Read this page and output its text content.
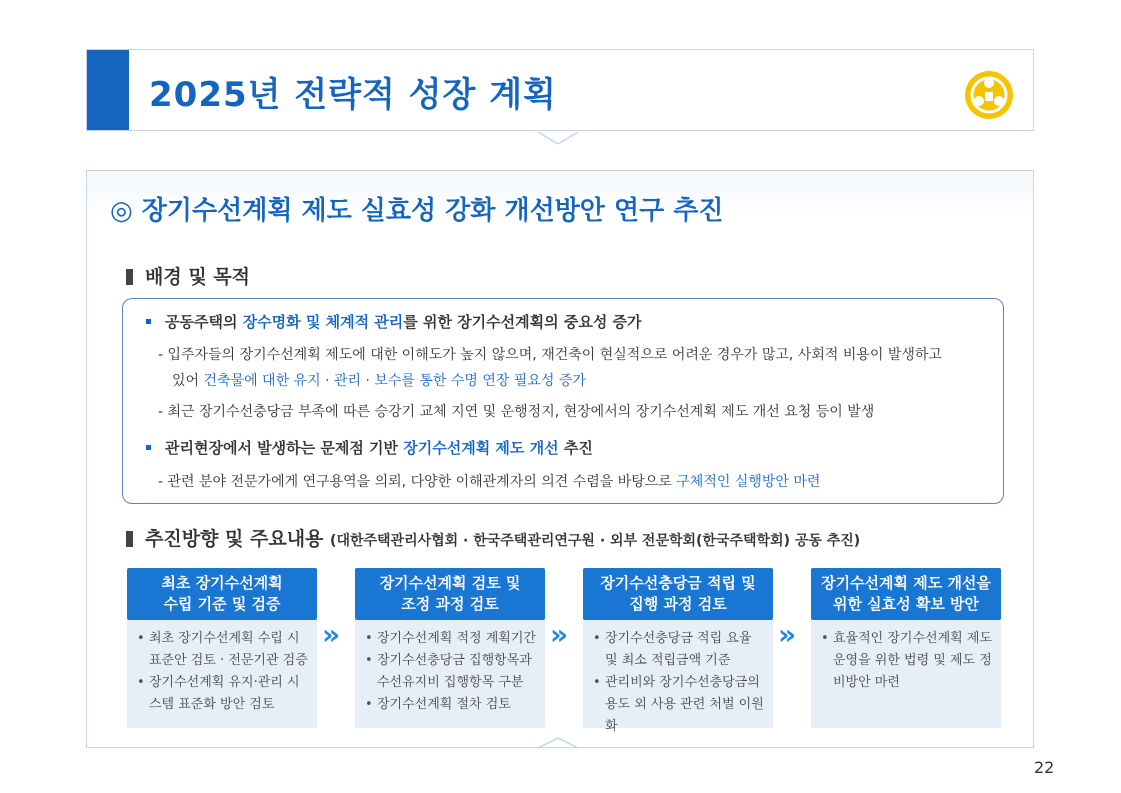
2025년 전략적 성장 계획
◎ 장기수선계획 제도 실효성 강화 개선방안 연구 추진
배경 및 목적
공동주택의 장수명화 및 체계적 관리를 위한 장기수선계획의 중요성 증가
- 입주자들의 장기수선계획 제도에 대한 이해도가 높지 않으며, 재건축이 현실적으로 어려운 경우가 많고, 사회적 비용이 발생하고
있어 건축물에 대한 유지 · 관리 · 보수를 통한 수명 연장 필요성 증가
- 최근 장기수선충당금 부족에 따른 승강기 교체 지연 및 운행정지, 현장에서의 장기수선계획 제도 개선 요청 등이 발생
관리현장에서 발생하는 문제점 기반 장기수선계획 제도 개선 추진
- 관련 분야 전문가에게 연구용역을 의뢰, 다양한 이해관계자의 의견 수렴을 바탕으로 구체적인 실행방안 마련
추진방향 및 주요내용 (대한주택관리사협회 · 한국주택관리연구원 · 외부 전문학회(한국주택학회) 공동 추진)
최초 장기수선계획
수립 기준 및 검증
• 최초 장기수선계획 수립 시 표준안 검토 · 전문기관 검증
• 장기수선계획 유지·관리 시스템 표준화 방안 검토
»
장기수선계획 검토 및
조정 과정 검토
• 장기수선계획 적정 계획기간
• 장기수선충당금 집행항목과 수선유지비 집행항목 구분
• 장기수선계획 절차 검토
»
장기수선충당금 적립 및
집행 과정 검토
• 장기수선충당금 적립 요율 및 최소 적립금액 기준
• 관리비와 장기수선충당금의 용도 외 사용 관련 처벌 이원화
»
장기수선계획 제도 개선을
위한 실효성 확보 방안
• 효율적인 장기수선계획 제도 운영을 위한 법령 및 제도 정비방안 마련
22
